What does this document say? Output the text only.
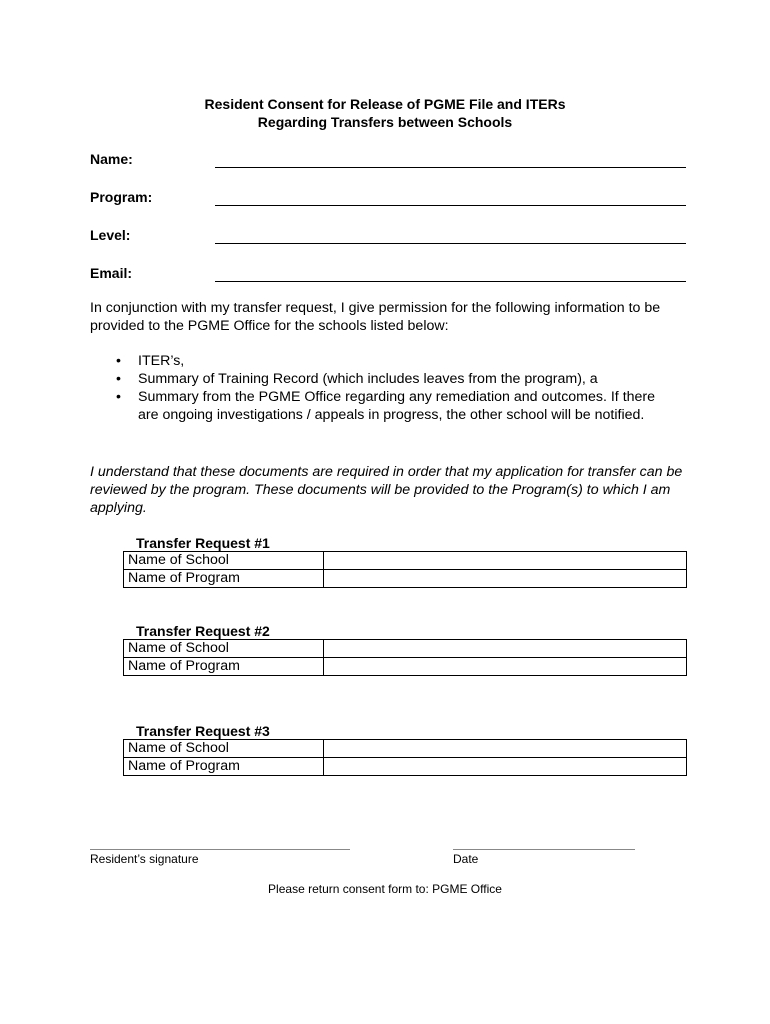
Resident Consent for Release of PGME File and ITERs
Regarding Transfers between Schools
Name:
Program:
Level:
Email:
In conjunction with my transfer request, I give permission for the following information to be provided to the PGME Office for the schools listed below:
• ITER’s,
• Summary of Training Record (which includes leaves from the program), a
• Summary from the PGME Office regarding any remediation and outcomes. If there are ongoing investigations / appeals in progress, the other school will be notified.
I understand that these documents are required in order that my application for transfer can be reviewed by the program. These documents will be provided to the Program(s) to which I am applying.
Transfer Request #1
Name of School	
Name of Program	
Transfer Request #2
Name of School	
Name of Program	
Transfer Request #3
Name of School	
Name of Program	
Resident’s signature	Date
Please return consent form to: PGME Office
